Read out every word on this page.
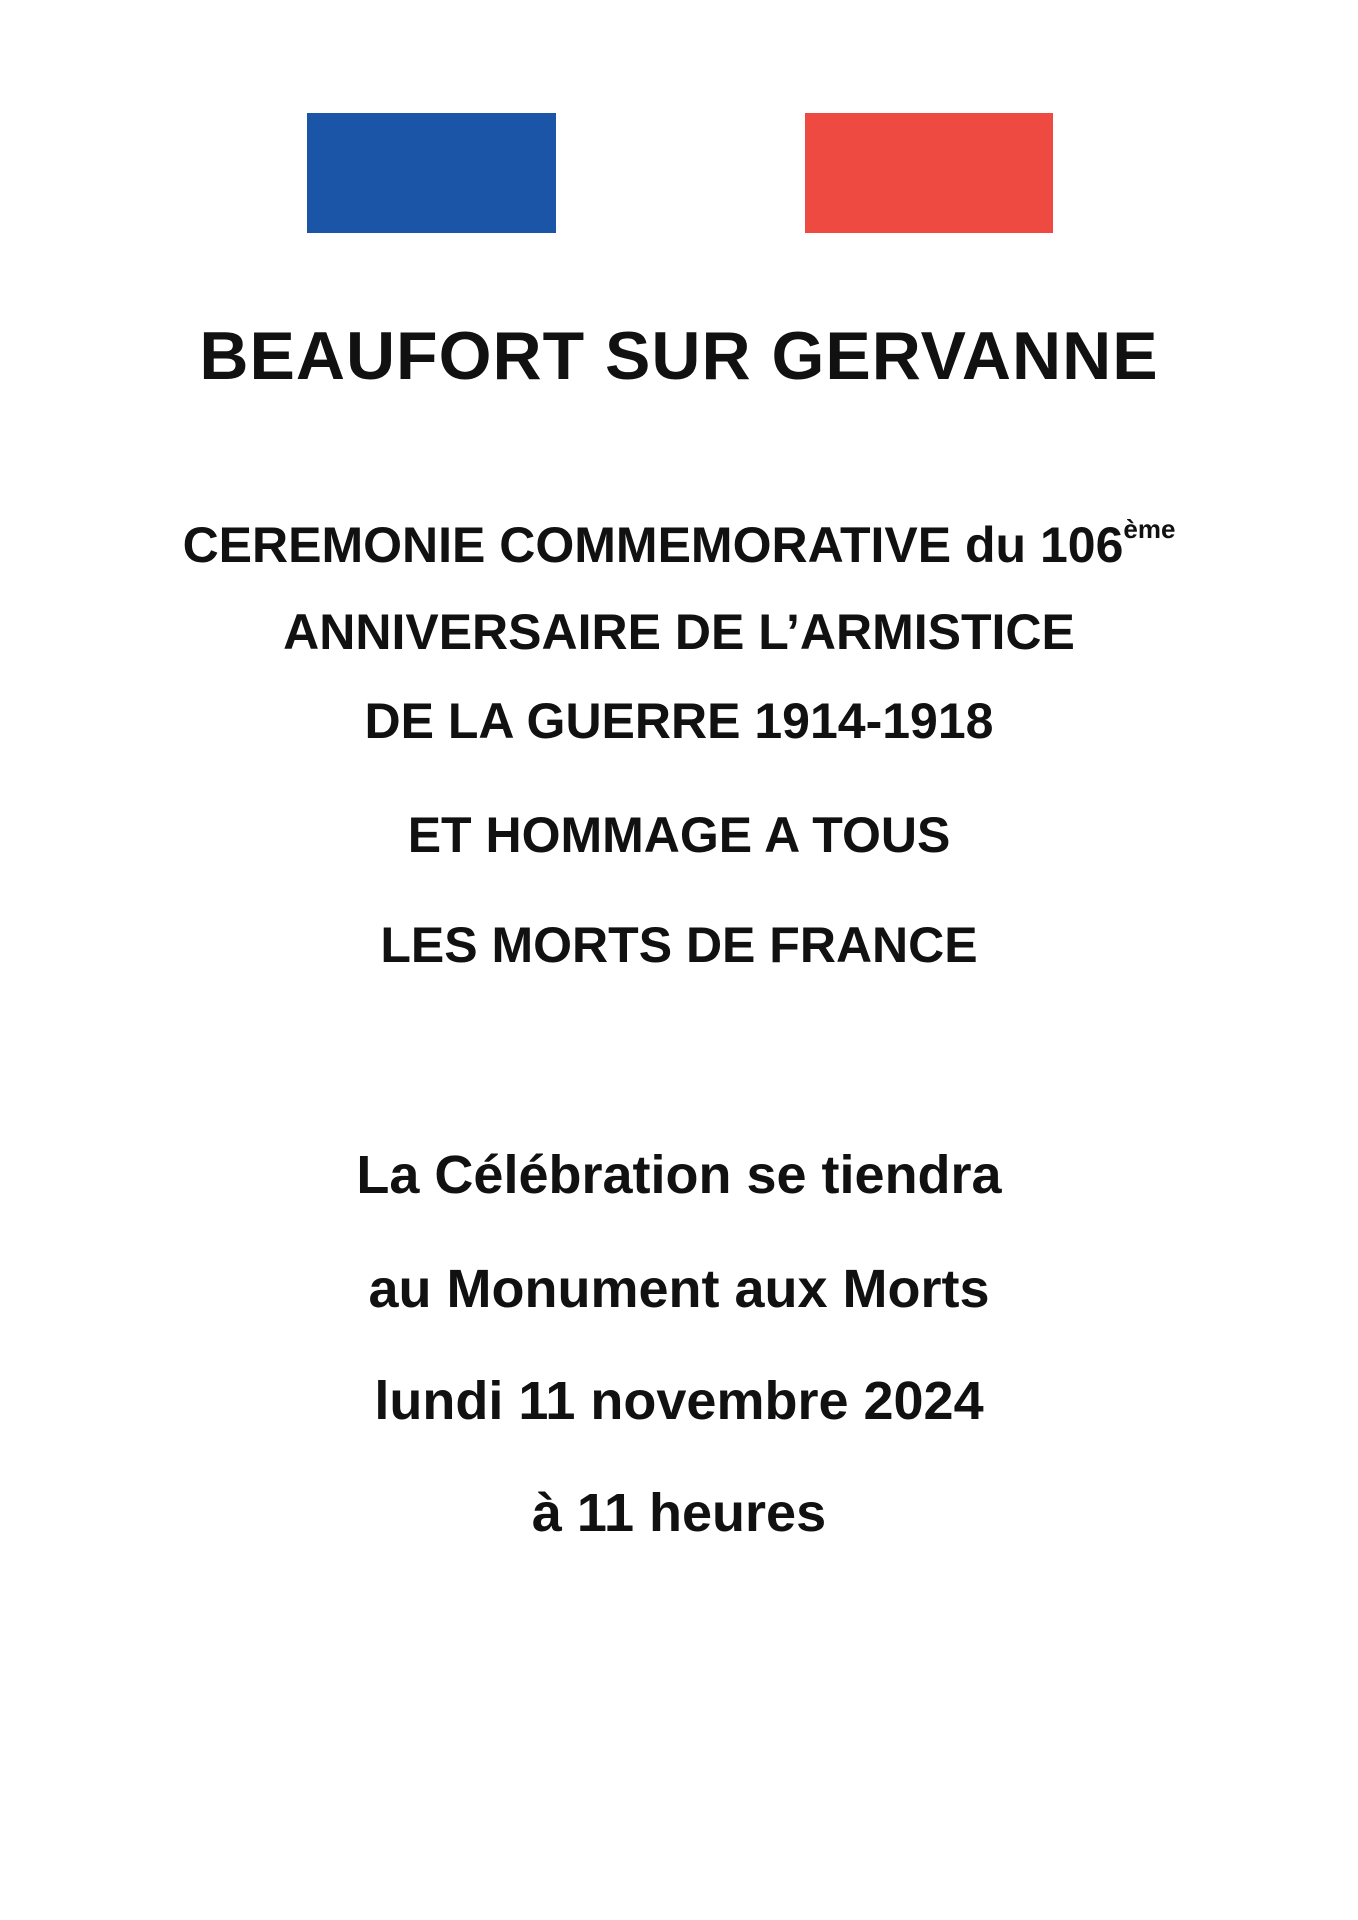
BEAUFORT SUR GERVANNE
CEREMONIE COMMEMORATIVE du 106ème
ANNIVERSAIRE DE L’ARMISTICE
DE LA GUERRE 1914-1918
ET HOMMAGE A TOUS
LES MORTS DE FRANCE
La Célébration se tiendra
au Monument aux Morts
lundi 11 novembre 2024
à 11 heures
